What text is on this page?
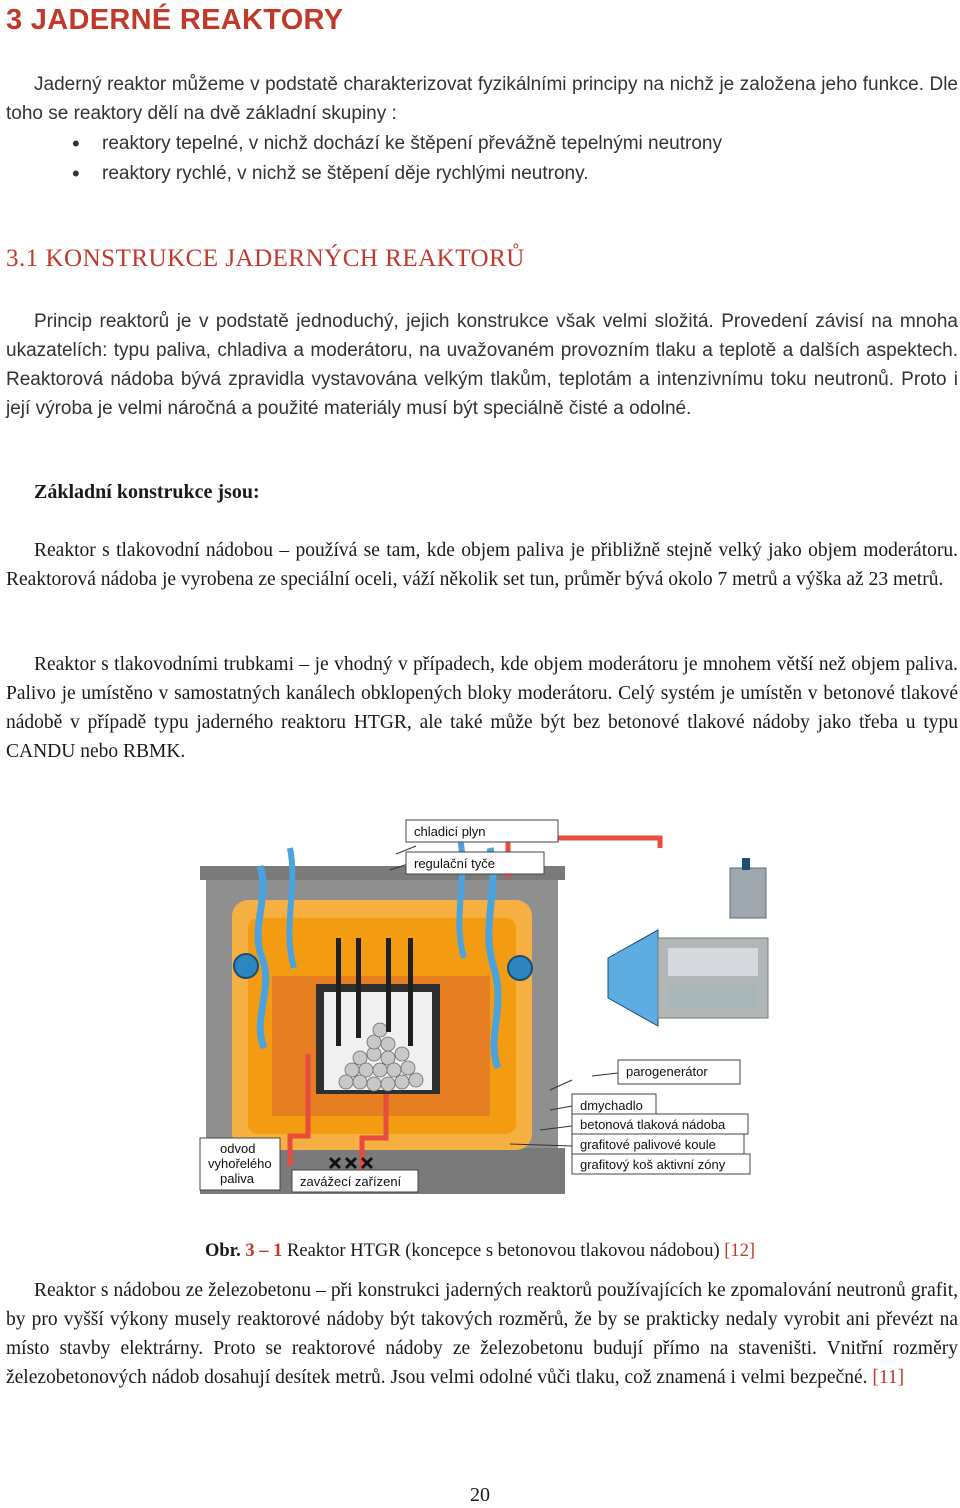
3 JADERNÉ REAKTORY

Jaderný reaktor můžeme v podstatě charakterizovat fyzikálními principy na nichž je založena jeho funkce. Dle toho se reaktory dělí na dvě základní skupiny :

• reaktory tepelné, v nichž dochází ke štěpení převážně tepelnými neutrony
• reaktory rychlé, v nichž se štěpení děje rychlými neutrony.
3.1 KONSTRUKCE JADERNÝCH REAKTORŮ

Princip reaktorů je v podstatě jednoduchý, jejich konstrukce však velmi složitá. Provedení závisí na mnoha ukazatelích: typu paliva, chladiva a moderátoru, na uvažovaném provozním tlaku a teplotě a dalších aspektech. Reaktorová nádoba bývá zpravidla vystavována velkým tlakům, teplotám a intenzivnímu toku neutronů. Proto i její výroba je velmi náročná a použité materiály musí být speciálně čisté a odolné.

Základní konstrukce jsou:

Reaktor s tlakovodní nádobou – používá se tam, kde objem paliva je přibližně stejně velký jako objem moderátoru. Reaktorová nádoba je vyrobena ze speciální oceli, váží několik set tun, průměr bývá okolo 7 metrů a výška až 23 metrů.

Reaktor s tlakovodními trubkami – je vhodný v případech, kde objem moderátoru je mnohem větší než objem paliva. Palivo je umístěno v samostatných kanálech obklopených bloky moderátoru. Celý systém je umístěn v betonové tlakové nádobě v případě typu jaderného reaktoru HTGR, ale také může být bez betonové tlakové nádoby jako třeba u typu CANDU nebo RBMK.

chladicí plyn
regulační tyče
parogenerátor
dmychadlo
betonová tlaková nádoba
grafitové palivové koule
grafitový koš aktivní zóny
odvod
vyhořelého
paliva	zavážecí zařízení

Obr. 3 – 1 Reaktor HTGR (koncepce s betonovou tlakovou nádobou) [12]

Reaktor s nádobou ze železobetonu – při konstrukci jaderných reaktorů používajících ke zpomalování neutronů grafit, by pro vyšší výkony musely reaktorové nádoby být takových rozměrů, že by se prakticky nedaly vyrobit ani převézt na místo stavby elektrárny. Proto se reaktorové nádoby ze železobetonu budují přímo na staveništi. Vnitřní rozměry železobetonových nádob dosahují desítek metrů. Jsou velmi odolné vůči tlaku, což znamená i velmi bezpečné. [11]

20
